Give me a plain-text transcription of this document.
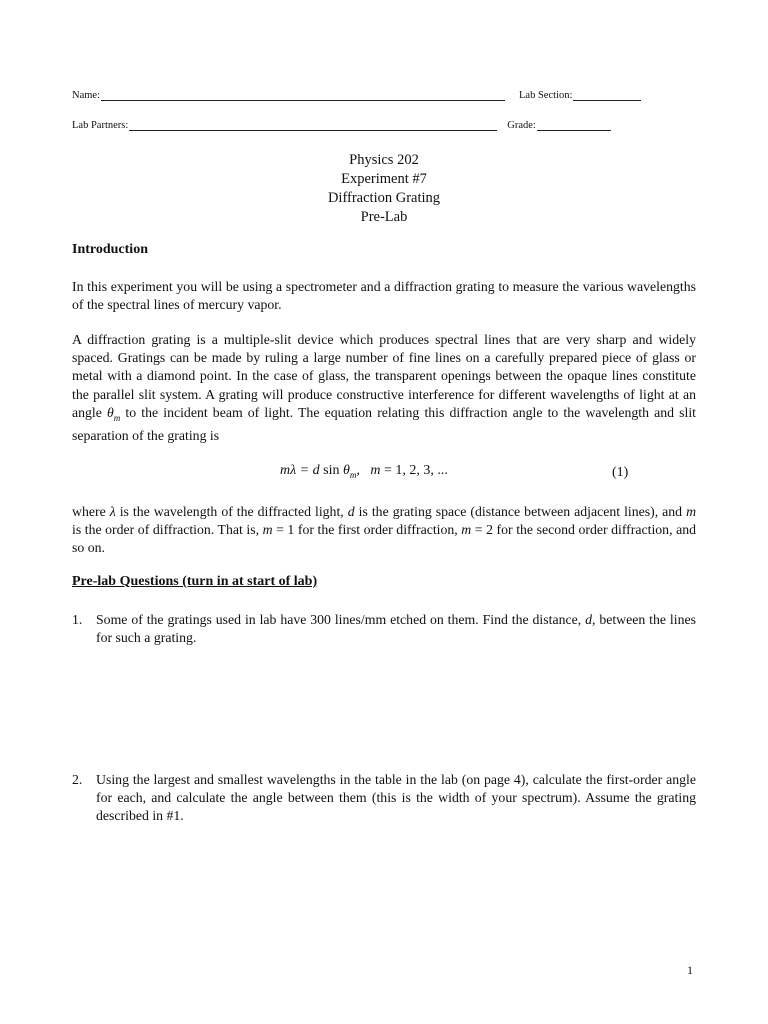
Name:	Lab Section:
Lab Partners:	Grade:
Physics 202
Experiment #7
Diffraction Grating
Pre-Lab
Introduction
In this experiment you will be using a spectrometer and a diffraction grating to measure the various wavelengths of the spectral lines of mercury vapor.
A diffraction grating is a multiple-slit device which produces spectral lines that are very sharp and widely spaced. Gratings can be made by ruling a large number of fine lines on a carefully prepared piece of glass or metal with a diamond point. In the case of glass, the transparent openings between the opaque lines constitute the parallel slit system. A grating will produce constructive interference for different wavelengths of light at an angle $\theta_m$ to the incident beam of light. The equation relating this diffraction angle to the wavelength and slit separation of the grating is
mλ = d $\sin \theta_m$,   m = 1, 2, 3, ...	(1)
where λ is the wavelength of the diffracted light, d is the grating space (distance between adjacent lines), and m is the order of diffraction. That is, m = 1 for the first order diffraction, m = 2 for the second order diffraction, and so on.
Pre-lab Questions (turn in at start of lab)
1. Some of the gratings used in lab have 300 lines/mm etched on them. Find the distance, d, between the lines for such a grating.
2. Using the largest and smallest wavelengths in the table in the lab (on page 4), calculate the first-order angle for each, and calculate the angle between them (this is the width of your spectrum). Assume the grating described in #1.
1
